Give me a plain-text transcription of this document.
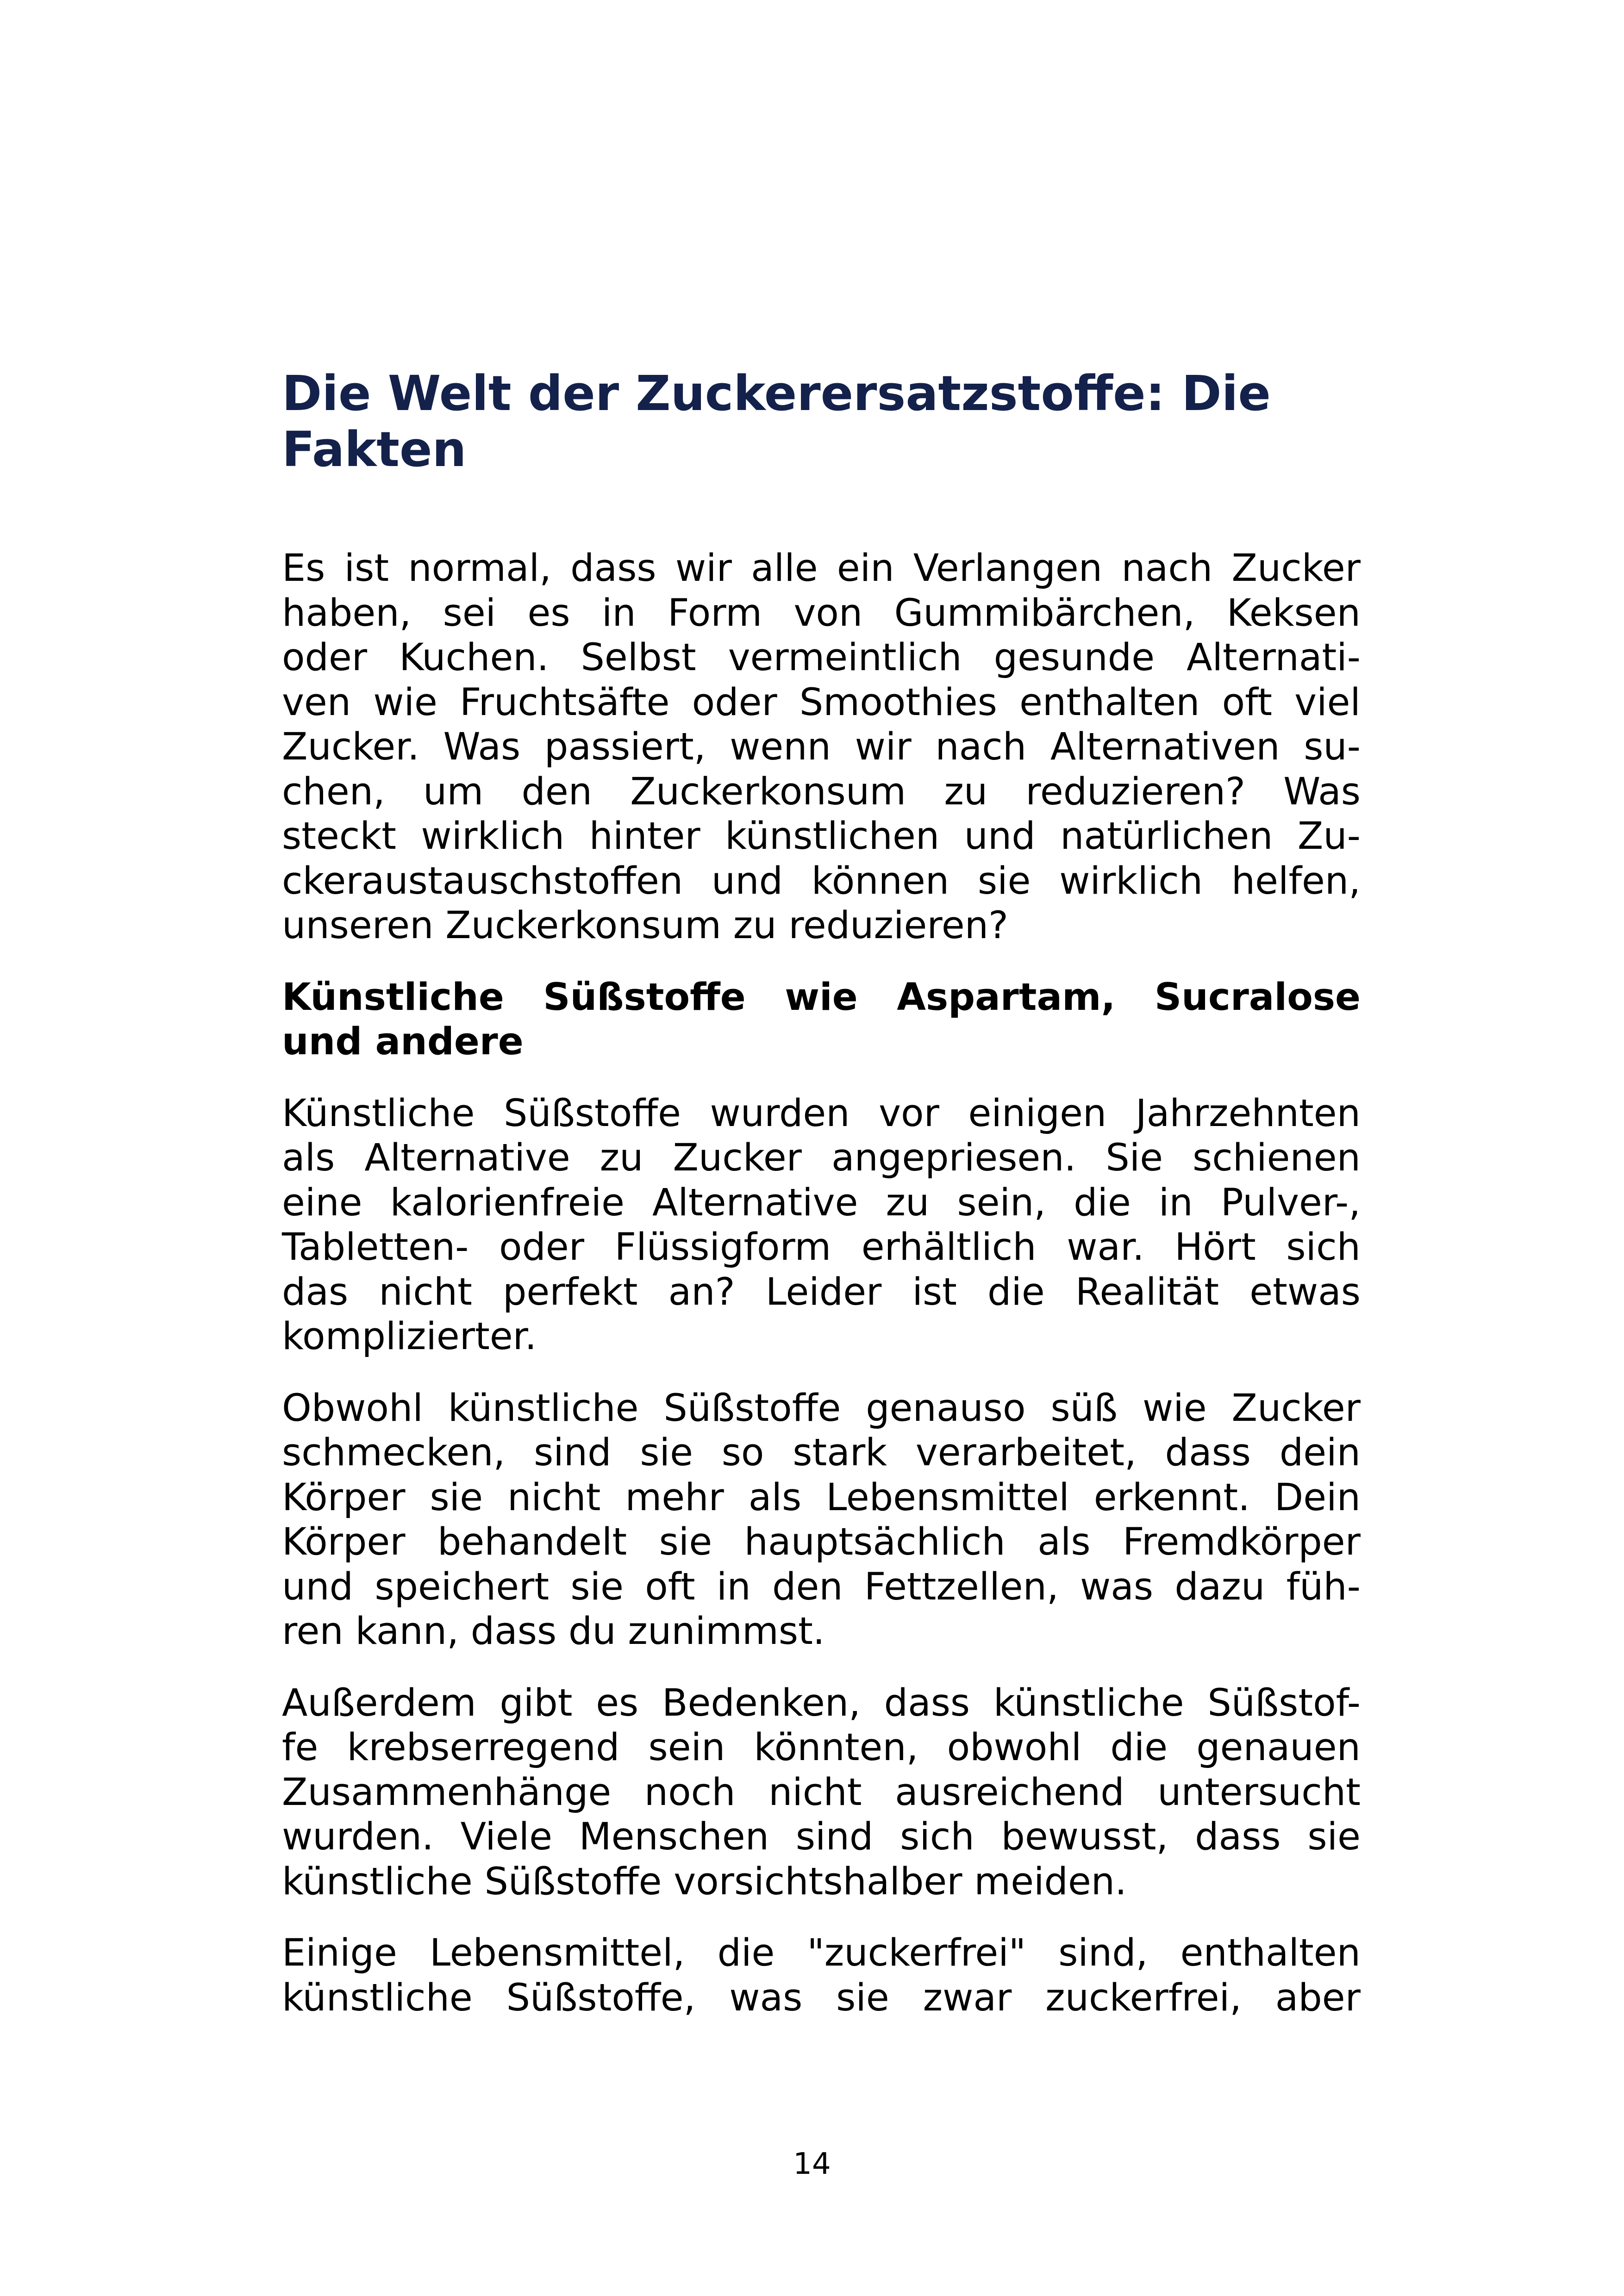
Die Welt der Zuckerersatzstoffe: Die
Fakten

Es ist normal, dass wir alle ein Verlangen nach Zucker
haben, sei es in Form von Gummibärchen, Keksen
oder Kuchen. Selbst vermeintlich gesunde Alternati-
ven wie Fruchtsäfte oder Smoothies enthalten oft viel
Zucker. Was passiert, wenn wir nach Alternativen su-
chen, um den Zuckerkonsum zu reduzieren? Was
steckt wirklich hinter künstlichen und natürlichen Zu-
ckeraustauschstoffen und können sie wirklich helfen,
unseren Zuckerkonsum zu reduzieren?

Künstliche Süßstoffe wie Aspartam, Sucralose
und andere

Künstliche Süßstoffe wurden vor einigen Jahrzehnten
als Alternative zu Zucker angepriesen. Sie schienen
eine kalorienfreie Alternative zu sein, die in Pulver-,
Tabletten- oder Flüssigform erhältlich war. Hört sich
das nicht perfekt an? Leider ist die Realität etwas
komplizierter.

Obwohl künstliche Süßstoffe genauso süß wie Zucker
schmecken, sind sie so stark verarbeitet, dass dein
Körper sie nicht mehr als Lebensmittel erkennt. Dein
Körper behandelt sie hauptsächlich als Fremdkörper
und speichert sie oft in den Fettzellen, was dazu füh-
ren kann, dass du zunimmst.

Außerdem gibt es Bedenken, dass künstliche Süßstof-
fe krebserregend sein könnten, obwohl die genauen
Zusammenhänge noch nicht ausreichend untersucht
wurden. Viele Menschen sind sich bewusst, dass sie
künstliche Süßstoffe vorsichtshalber meiden.

Einige Lebensmittel, die "zuckerfrei" sind, enthalten
künstliche Süßstoffe, was sie zwar zuckerfrei, aber

14
